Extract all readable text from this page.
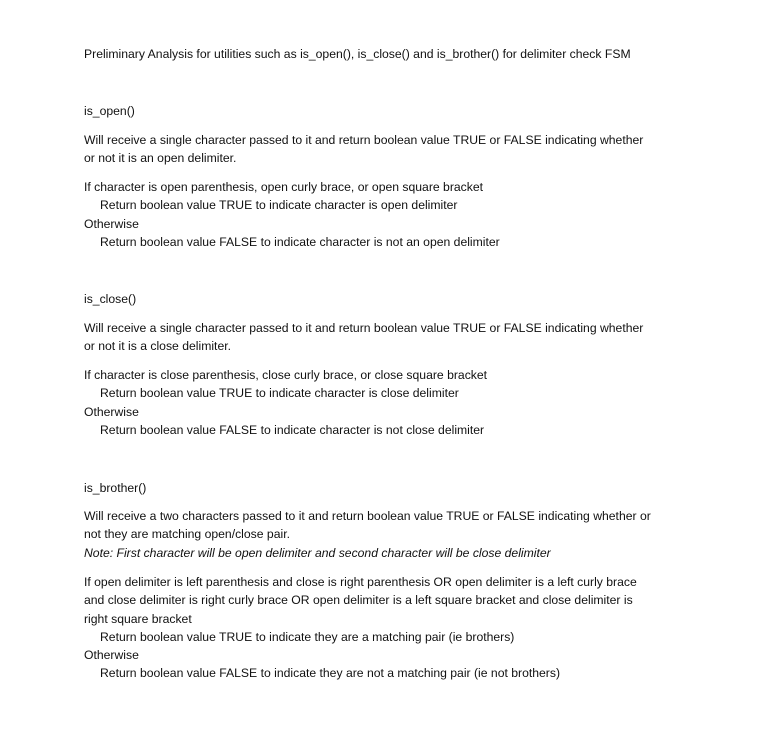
Preliminary Analysis for utilities such as is_open(), is_close() and is_brother() for delimiter check FSM
is_open()
Will receive a single character passed to it and return boolean value TRUE or FALSE indicating whether
or not it is an open delimiter.
If character is open parenthesis, open curly brace, or open square bracket
Return boolean value TRUE to indicate character is open delimiter
Otherwise
Return boolean value FALSE to indicate character is not an open delimiter
is_close()
Will receive a single character passed to it and return boolean value TRUE or FALSE indicating whether
or not it is a close delimiter.
If character is close parenthesis, close curly brace, or close square bracket
Return boolean value TRUE to indicate character is close delimiter
Otherwise
Return boolean value FALSE to indicate character is not close delimiter
is_brother()
Will receive a two characters passed to it and return boolean value TRUE or FALSE indicating whether or
not they are matching open/close pair.
Note: First character will be open delimiter and second character will be close delimiter
If open delimiter is left parenthesis and close is right parenthesis OR open delimiter is a left curly brace
and close delimiter is right curly brace OR open delimiter is a left square bracket and close delimiter is
right square bracket
Return boolean value TRUE to indicate they are a matching pair (ie brothers)
Otherwise
Return boolean value FALSE to indicate they are not a matching pair (ie not brothers)
